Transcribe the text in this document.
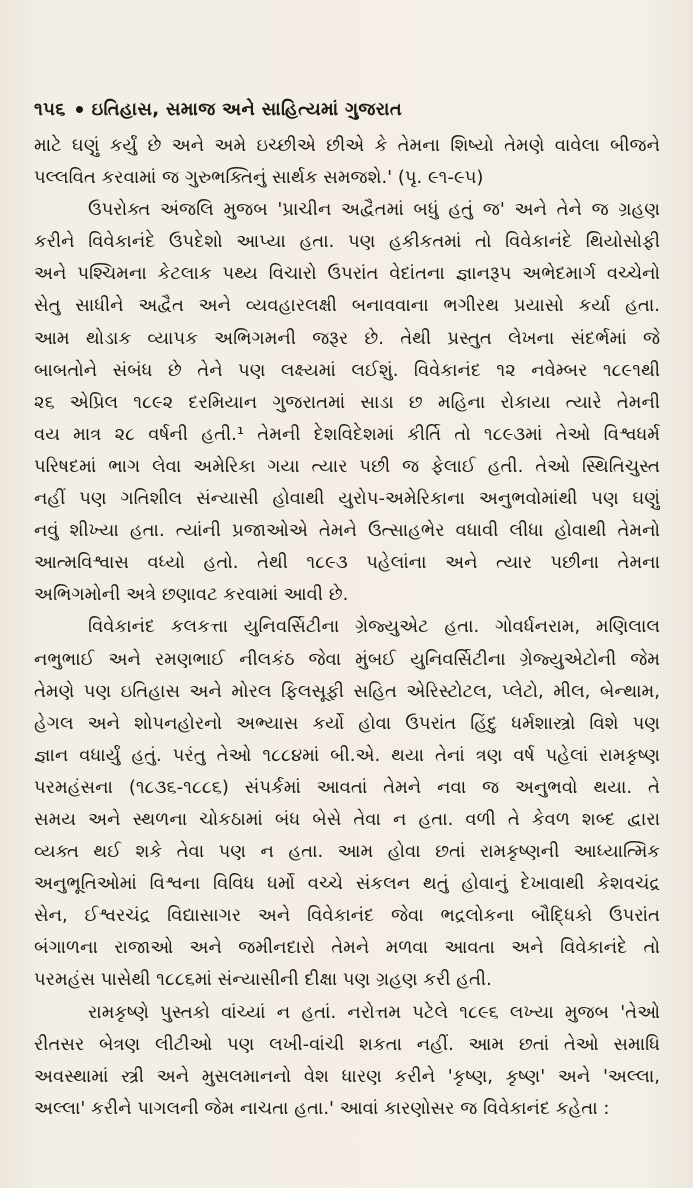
૧૫૬ ઇતિહાસ, સમાજ અને સાહિત્યમાં ગુજરાત
માટે ઘણું કર્યું છે અને અમે ઇચ્છીએ છીએ કે તેમના શિષ્યો તેમણે વાવેલા બીજને
પલ્લવિત કરવામાં જ ગુરુભક્તિનું સાર્થક સમજશે.' (પૃ. ૯૧-૯૫)
ઉપરોક્ત અંજલિ મુજબ 'પ્રાચીન અદ્વૈતમાં બધું હતું જ' અને તેને જ ગ્રહણ
કરીને વિવેકાનંદે ઉપદેશો આપ્યા હતા. પણ હકીકતમાં તો વિવેકાનંદે થિયોસોફી
અને પશ્ચિમના કેટલાક પથ્ય વિચારો ઉપરાંત વેદાંતના જ્ઞાનરૂપ અભેદમાર્ગ વચ્ચેનો
સેતુ સાધીને અદ્વૈત અને વ્યવહારલક્ષી બનાવવાના ભગીરથ પ્રયાસો કર્યા હતા.
આમ થોડાક વ્યાપક અભિગમની જરૂર છે. તેથી પ્રસ્તુત લેખના સંદર્ભમાં જે
બાબતોને સંબંધ છે તેને પણ લક્ષ્યમાં લઈશું. વિવેકાનંદ ૧૨ નવેમ્બર ૧૮૯૧થી
૨૬ એપ્રિલ ૧૮૯૨ દરમિયાન ગુજરાતમાં સાડા છ મહિના રોકાયા ત્યારે તેમની
વય માત્ર ૨૮ વર્ષની હતી.¹ તેમની દેશવિદેશમાં કીર્તિ તો ૧૮૯૩માં તેઓ વિશ્વધર્મ
પરિષદમાં ભાગ લેવા અમેરિકા ગયા ત્યાર પછી જ ફેલાઈ હતી. તેઓ સ્થિતિચુસ્ત
નહીં પણ ગતિશીલ સંન્યાસી હોવાથી યુરોપ-અમેરિકાના અનુભવોમાંથી પણ ઘણું
નવું શીખ્યા હતા. ત્યાંની પ્રજાઓએ તેમને ઉત્સાહભેર વધાવી લીધા હોવાથી તેમનો
આત્મવિશ્વાસ વધ્યો હતો. તેથી ૧૮૯૩ પહેલાંના અને ત્યાર પછીના તેમના
અભિગમોની અત્રે છણાવટ કરવામાં આવી છે.
વિવેકાનંદ કલકત્તા યુનિવર્સિટીના ગ્રેજ્યુએટ હતા. ગોવર્ધનરામ, મણિલાલ
નભુભાઈ અને રમણભાઈ નીલકંઠ જેવા મુંબઈ યુનિવર્સિટીના ગ્રેજ્યુએટોની જેમ
તેમણે પણ ઇતિહાસ અને મોરલ ફિલસૂફી સહિત એરિસ્ટોટલ, પ્લેટો, મીલ, બેન્થામ,
હેગલ અને શોપનહોરનો અભ્યાસ કર્યો હોવા ઉપરાંત હિંદુ ધર્મશાસ્ત્રો વિશે પણ
જ્ઞાન વધાર્યું હતું. પરંતુ તેઓ ૧૮૮૪માં બી.એ. થયા તેનાં ત્રણ વર્ષ પહેલાં રામકૃષ્ણ
પરમહંસના (૧૮૩૬-૧૮૮૬) સંપર્કમાં આવતાં તેમને નવા જ અનુભવો થયા. તે
સમય અને સ્થળના ચોકઠામાં બંધ બેસે તેવા ન હતા. વળી તે કેવળ શબ્દ દ્વારા
વ્યક્ત થઈ શકે તેવા પણ ન હતા. આમ હોવા છતાં રામકૃષ્ણની આધ્યાત્મિક
અનુભૂતિઓમાં વિશ્વના વિવિધ ધર્મો વચ્ચે સંકલન થતું હોવાનું દેખાવાથી કેશવચંદ્ર
સેન, ઈશ્વરચંદ્ર વિદ્યાસાગર અને વિવેકાનંદ જેવા ભદ્રલોકના બૌદ્ધિકો ઉપરાંત
બંગાળના રાજાઓ અને જમીનદારો તેમને મળવા આવતા અને વિવેકાનંદે તો
પરમહંસ પાસેથી ૧૮૮૬માં સંન્યાસીની દીક્ષા પણ ગ્રહણ કરી હતી.
રામકૃષ્ણે પુસ્તકો વાંચ્યાં ન હતાં. નરોત્તમ પટેલે ૧૮૯૬ લખ્યા મુજબ 'તેઓ
રીતસર બેત્રણ લીટીઓ પણ લખી-વાંચી શકતા નહીં. આમ છતાં તેઓ સમાધિ
અવસ્થામાં સ્ત્રી અને મુસલમાનનો વેશ ધારણ કરીને 'કૃષ્ણ, કૃષ્ણ' અને 'અલ્લા,
અલ્લા' કરીને પાગલની જેમ નાચતા હતા.' આવાં કારણોસર જ વિવેકાનંદ કહેતા :
